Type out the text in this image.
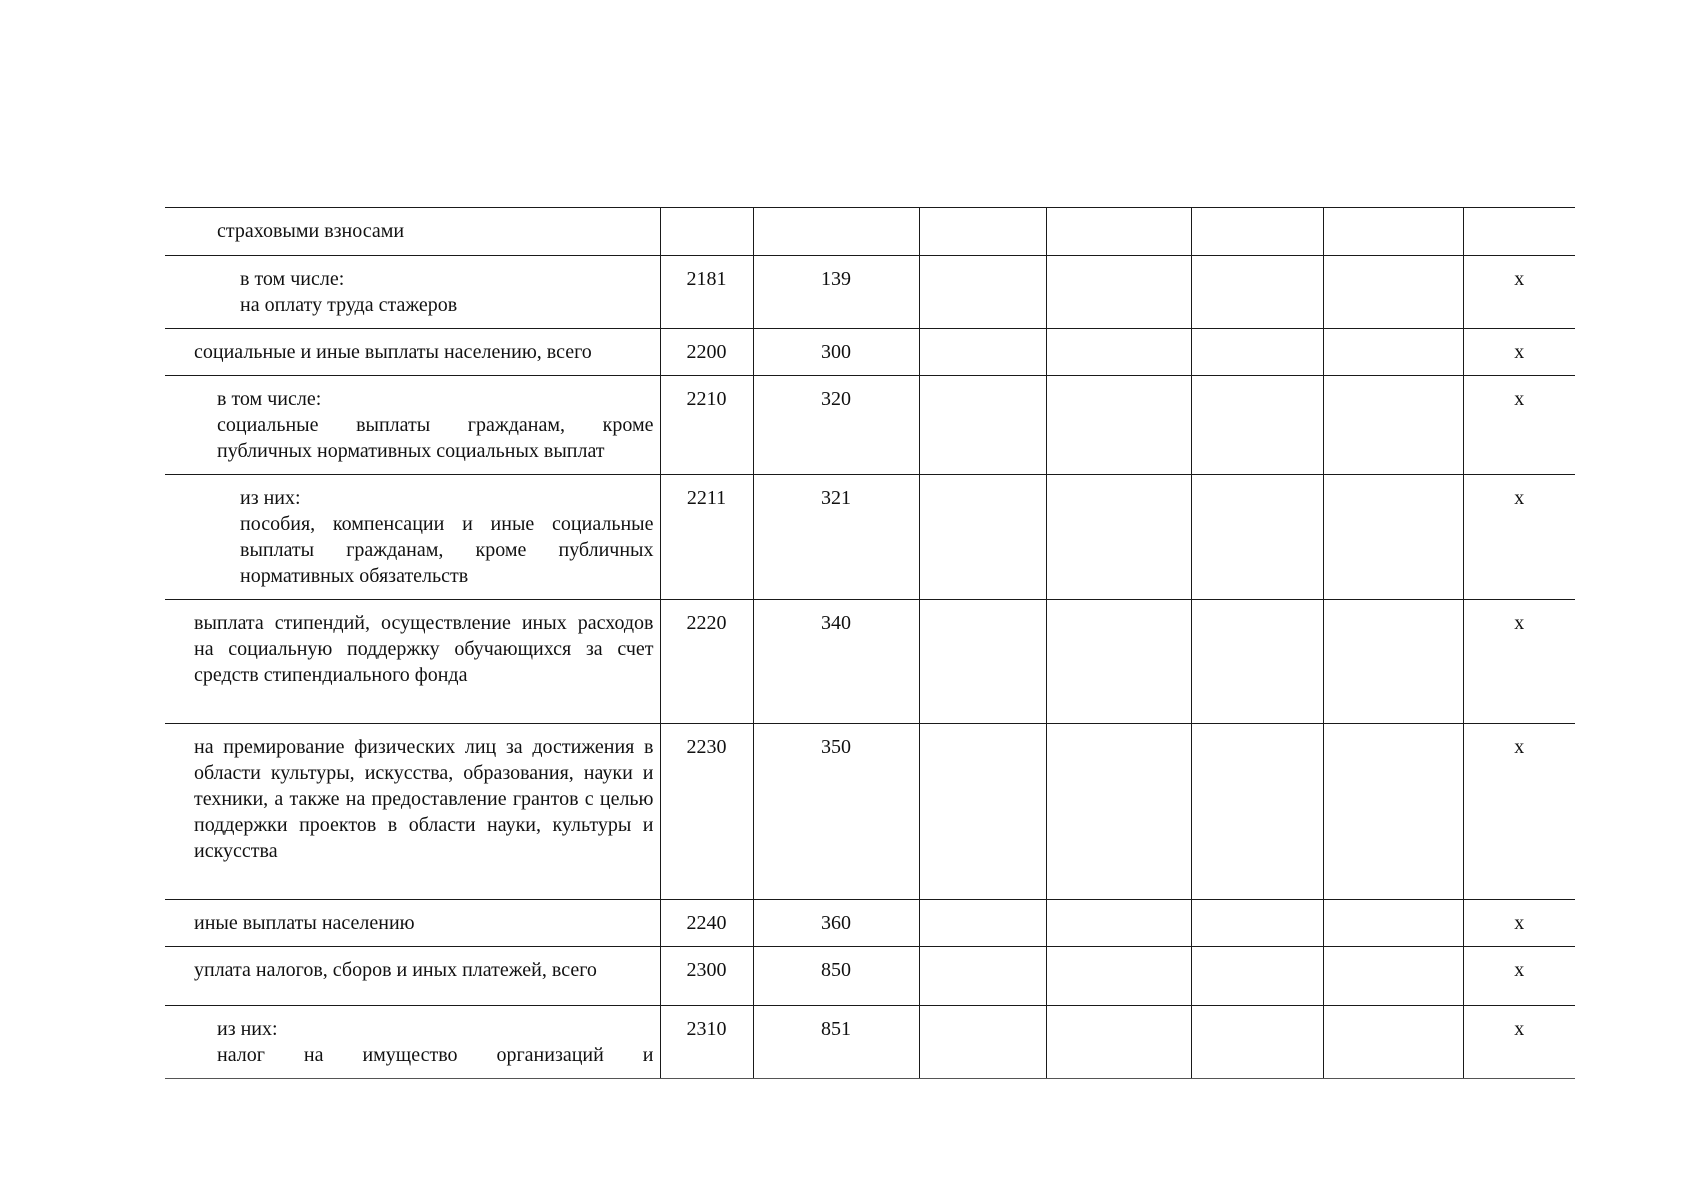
страховыми взносами							

в том числе:
на оплату труда стажеров	2181	139					х

социальные и иные выплаты населению, всего	2200	300					х

в том числе:
социальные выплаты гражданам, кроме публичных нормативных социальных выплат	2210	320					х

из них:
пособия, компенсации и иные социальные выплаты гражданам, кроме публичных нормативных обязательств	2211	321					х

выплата стипендий, осуществление иных расходов на социальную поддержку обучающихся за счет средств стипендиального фонда	2220	340					х

на премирование физических лиц за достижения в области культуры, искусства, образования, науки и техники, а также на предоставление грантов с целью поддержки проектов в области науки, культуры и искусства	2230	350					х

иные выплаты населению	2240	360					х

уплата налогов, сборов и иных платежей, всего	2300	850					х

из них:
налог на имущество организаций и	2310	851					х
